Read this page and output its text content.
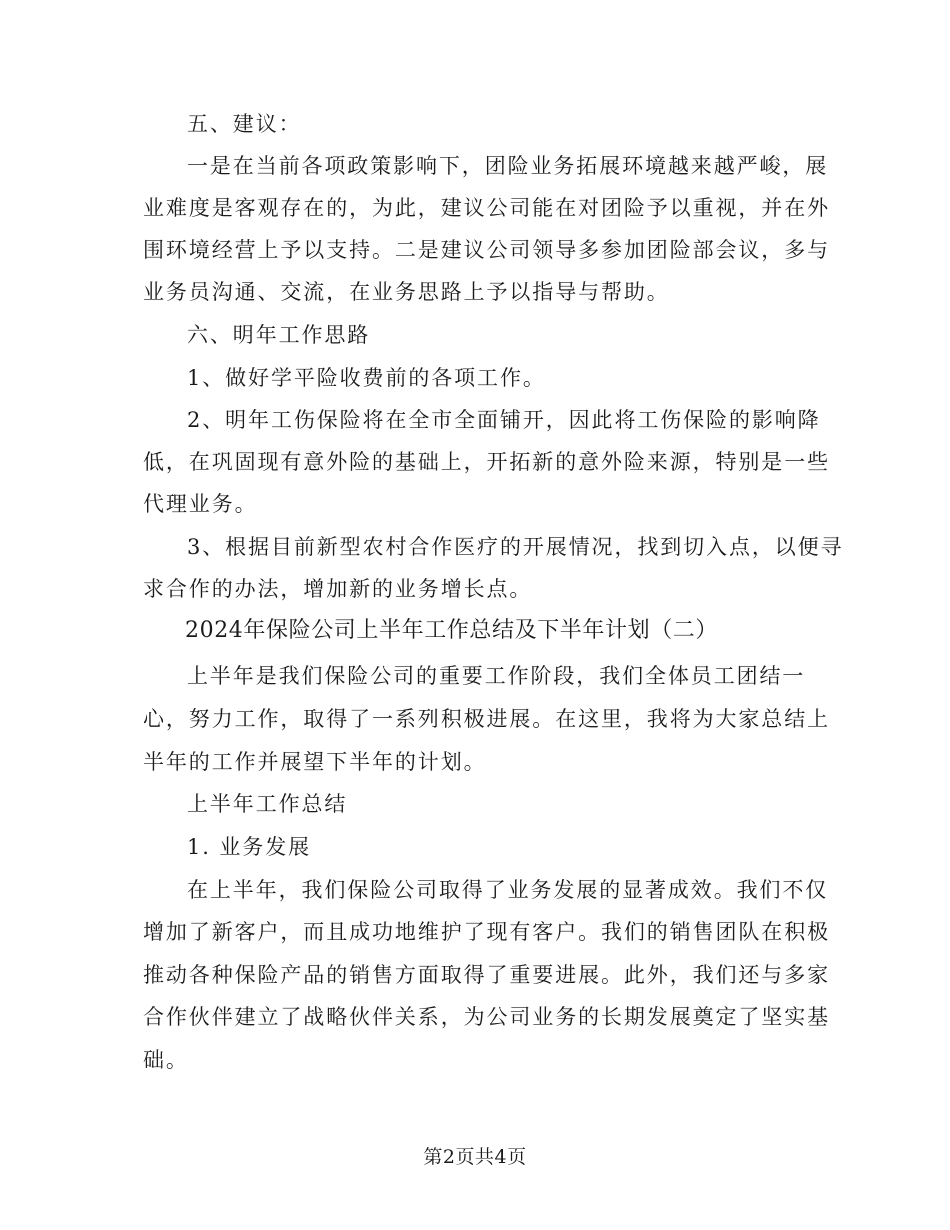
五、建议：
一是在当前各项政策影响下，团险业务拓展环境越来越严峻，展
业难度是客观存在的，为此，建议公司能在对团险予以重视，并在外
围环境经营上予以支持。二是建议公司领导多参加团险部会议，多与
业务员沟通、交流，在业务思路上予以指导与帮助。
六、明年工作思路
1、做好学平险收费前的各项工作。
2、明年工伤保险将在全市全面铺开，因此将工伤保险的影响降
低，在巩固现有意外险的基础上，开拓新的意外险来源，特别是一些
代理业务。
3、根据目前新型农村合作医疗的开展情况，找到切入点，以便寻
求合作的办法，增加新的业务增长点。
2024年保险公司上半年工作总结及下半年计划（二）
上半年是我们保险公司的重要工作阶段，我们全体员工团结一
心，努力工作，取得了一系列积极进展。在这里，我将为大家总结上
半年的工作并展望下半年的计划。
上半年工作总结
1. 业务发展
在上半年，我们保险公司取得了业务发展的显著成效。我们不仅
增加了新客户，而且成功地维护了现有客户。我们的销售团队在积极
推动各种保险产品的销售方面取得了重要进展。此外，我们还与多家
合作伙伴建立了战略伙伴关系，为公司业务的长期发展奠定了坚实基
础。
第2页共4页
